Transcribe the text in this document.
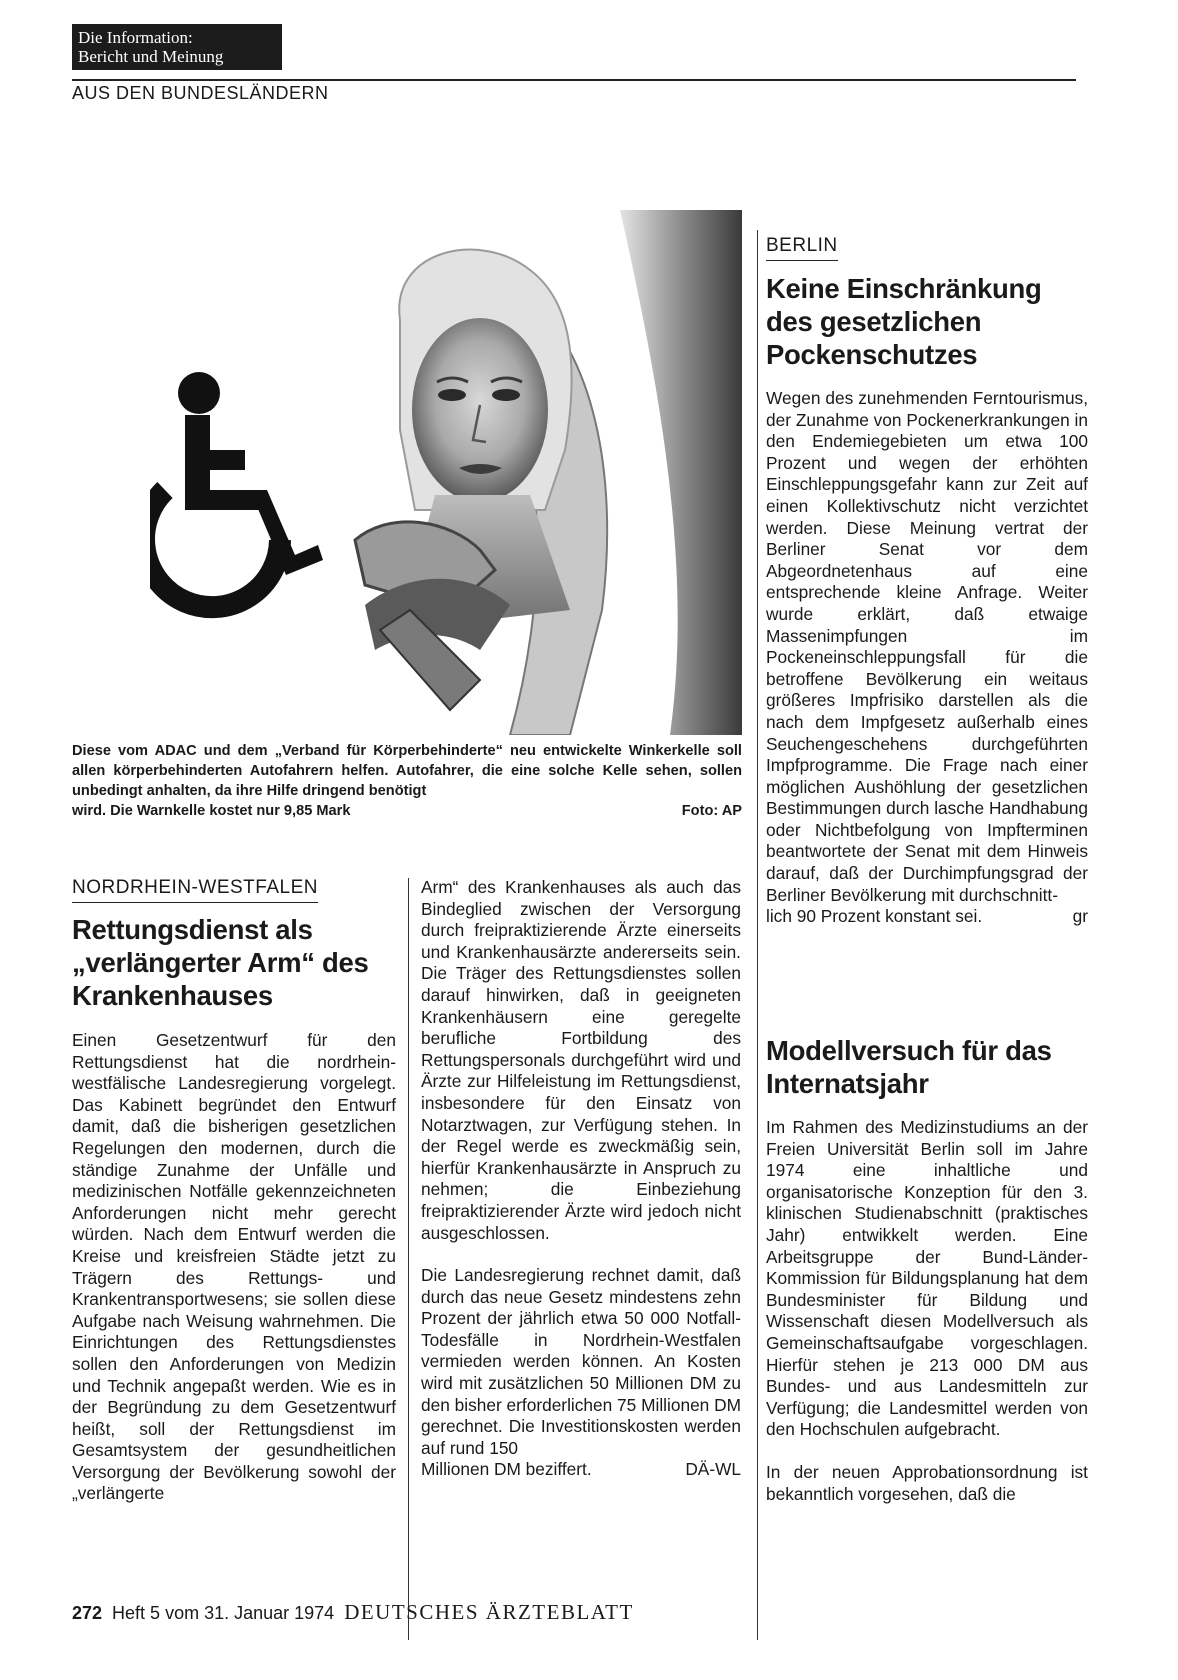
Die Information:
Bericht und Meinung
AUS DEN BUNDESLÄNDERN
Diese vom ADAC und dem „Verband für Körperbehinderte“ neu entwickelte Winkerkelle soll allen körperbehinderten Autofahrern helfen. Autofahrer, die eine solche Kelle sehen, sollen unbedingt anhalten, da ihre Hilfe dringend benötigt
wird. Die Warnkelle kostet nur 9,85 Mark	Foto: AP
NORDRHEIN-WESTFALEN
Rettungsdienst als „verlängerter Arm“ des Krankenhauses

Einen Gesetzentwurf für den Rettungsdienst hat die nordrhein-westfälische Landesregierung vorgelegt. Das Kabinett begründet den Entwurf damit, daß die bisherigen gesetzlichen Regelungen den modernen, durch die ständige Zunahme der Unfälle und medizinischen Notfälle gekennzeichneten Anforderungen nicht mehr gerecht würden. Nach dem Entwurf werden die Kreise und kreisfreien Städte jetzt zu Trägern des Rettungs- und Krankentransportwesens; sie sollen diese Aufgabe nach Weisung wahrnehmen. Die Einrichtungen des Rettungsdienstes sollen den Anforderungen von Medizin und Technik angepaßt werden. Wie es in der Begründung zu dem Gesetzentwurf heißt, soll der Rettungsdienst im Gesamtsystem der gesundheitlichen Versorgung der Bevölkerung sowohl der „verlängerte

Arm“ des Krankenhauses als auch das Bindeglied zwischen der Versorgung durch freipraktizierende Ärzte einerseits und Krankenhausärzte andererseits sein. Die Träger des Rettungsdienstes sollen darauf hinwirken, daß in geeigneten Krankenhäusern eine geregelte berufliche Fortbildung des Rettungspersonals durchgeführt wird und Ärzte zur Hilfeleistung im Rettungsdienst, insbesondere für den Einsatz von Notarztwagen, zur Verfügung stehen. In der Regel werde es zweckmäßig sein, hierfür Krankenhausärzte in Anspruch zu nehmen; die Einbeziehung freipraktizierender Ärzte wird jedoch nicht ausgeschlossen.

Die Landesregierung rechnet damit, daß durch das neue Gesetz mindestens zehn Prozent der jährlich etwa 50 000 Notfall-Todesfälle in Nordrhein-Westfalen vermieden werden können. An Kosten wird mit zusätzlichen 50 Millionen DM zu den bisher erforderlichen 75 Millionen DM gerechnet. Die Investitionskosten werden auf rund 150
Millionen DM beziffert.	DÄ-WL

BERLIN
Keine Einschränkung des gesetzlichen Pockenschutzes

Wegen des zunehmenden Ferntourismus, der Zunahme von Pockenerkrankungen in den Endemiegebieten um etwa 100 Prozent und wegen der erhöhten Einschleppungsgefahr kann zur Zeit auf einen Kollektivschutz nicht verzichtet werden. Diese Meinung vertrat der Berliner Senat vor dem Abgeordnetenhaus auf eine entsprechende kleine Anfrage. Weiter wurde erklärt, daß etwaige Massenimpfungen im Pockeneinschleppungsfall für die betroffene Bevölkerung ein weitaus größeres Impfrisiko darstellen als die nach dem Impfgesetz außerhalb eines Seuchengeschehens durchgeführten Impfprogramme. Die Frage nach einer möglichen Aushöhlung der gesetzlichen Bestimmungen durch lasche Handhabung oder Nichtbefolgung von Impfterminen beantwortete der Senat mit dem Hinweis darauf, daß der Durchimpfungsgrad der Berliner Bevölkerung mit durchschnitt-
lich 90 Prozent konstant sei.	gr

Modellversuch für das Internatsjahr

Im Rahmen des Medizinstudiums an der Freien Universität Berlin soll im Jahre 1974 eine inhaltliche und organisatorische Konzeption für den 3. klinischen Studienabschnitt (praktisches Jahr) entwikkelt werden. Eine Arbeitsgruppe der Bund-Länder-Kommission für Bildungsplanung hat dem Bundesminister für Bildung und Wissenschaft diesen Modellversuch als Gemeinschaftsaufgabe vorgeschlagen. Hierfür stehen je 213 000 DM aus Bundes- und aus Landesmitteln zur Verfügung; die Landesmittel werden von den Hochschulen aufgebracht.

In der neuen Approbationsordnung ist bekanntlich vorgesehen, daß die

272 Heft 5 vom 31. Januar 1974 DEUTSCHES ÄRZTEBLATT
